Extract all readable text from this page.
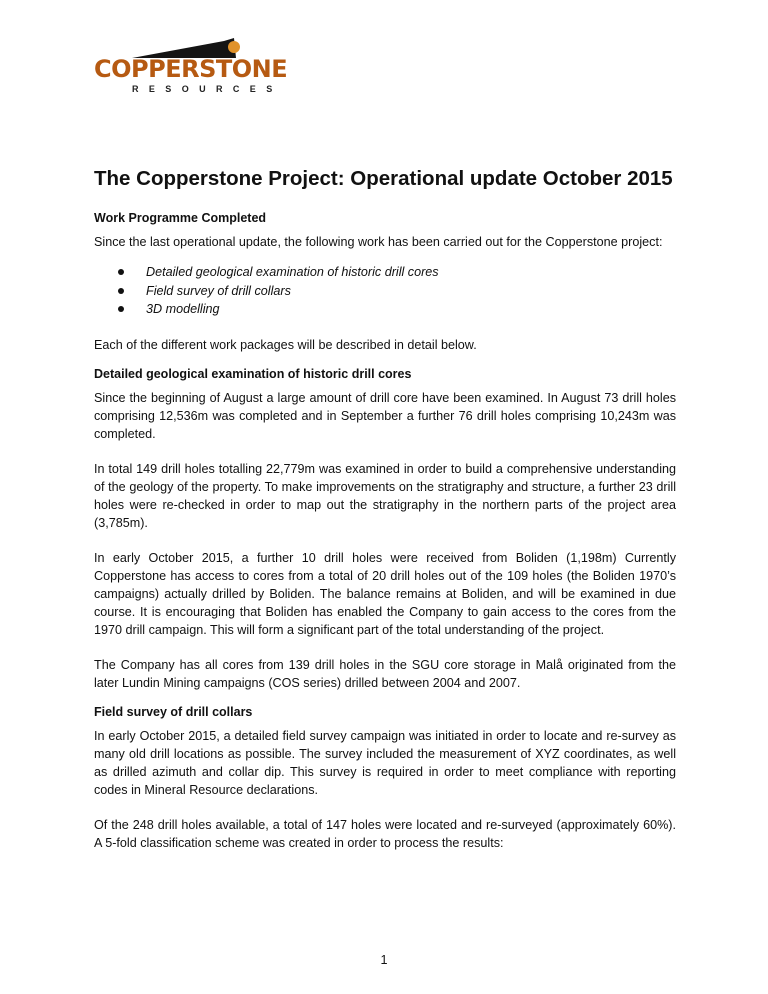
COPPERSTONE
RESOURCES
The Copperstone Project: Operational update October 2015
Work Programme Completed

Since the last operational update, the following work has been carried out for the Copperstone project:

Detailed geological examination of historic drill cores
Field survey of drill collars
3D modelling

Each of the different work packages will be described in detail below.

Detailed geological examination of historic drill cores

Since the beginning of August a large amount of drill core have been examined. In August 73 drill holes comprising 12,536m was completed and in September a further 76 drill holes comprising 10,243m was completed.

In total 149 drill holes totalling 22,779m was examined in order to build a comprehensive understanding of the geology of the property. To make improvements on the stratigraphy and structure, a further 23 drill holes were re-checked in order to map out the stratigraphy in the northern parts of the project area (3,785m).

In early October 2015, a further 10 drill holes were received from Boliden (1,198m) Currently Copperstone has access to cores from a total of 20 drill holes out of the 109 holes (the Boliden 1970’s campaigns) actually drilled by Boliden. The balance remains at Boliden, and will be examined in due course. It is encouraging that Boliden has enabled the Company to gain access to the cores from the 1970 drill campaign. This will form a significant part of the total understanding of the project.

The Company has all cores from 139 drill holes in the SGU core storage in Malå originated from the later Lundin Mining campaigns (COS series) drilled between 2004 and 2007.

Field survey of drill collars

In early October 2015, a detailed field survey campaign was initiated in order to locate and re-survey as many old drill locations as possible. The survey included the measurement of XYZ coordinates, as well as drilled azimuth and collar dip. This survey is required in order to meet compliance with reporting codes in Mineral Resource declarations.

Of the 248 drill holes available, a total of 147 holes were located and re-surveyed (approximately 60%). A 5-fold classification scheme was created in order to process the results:

1
